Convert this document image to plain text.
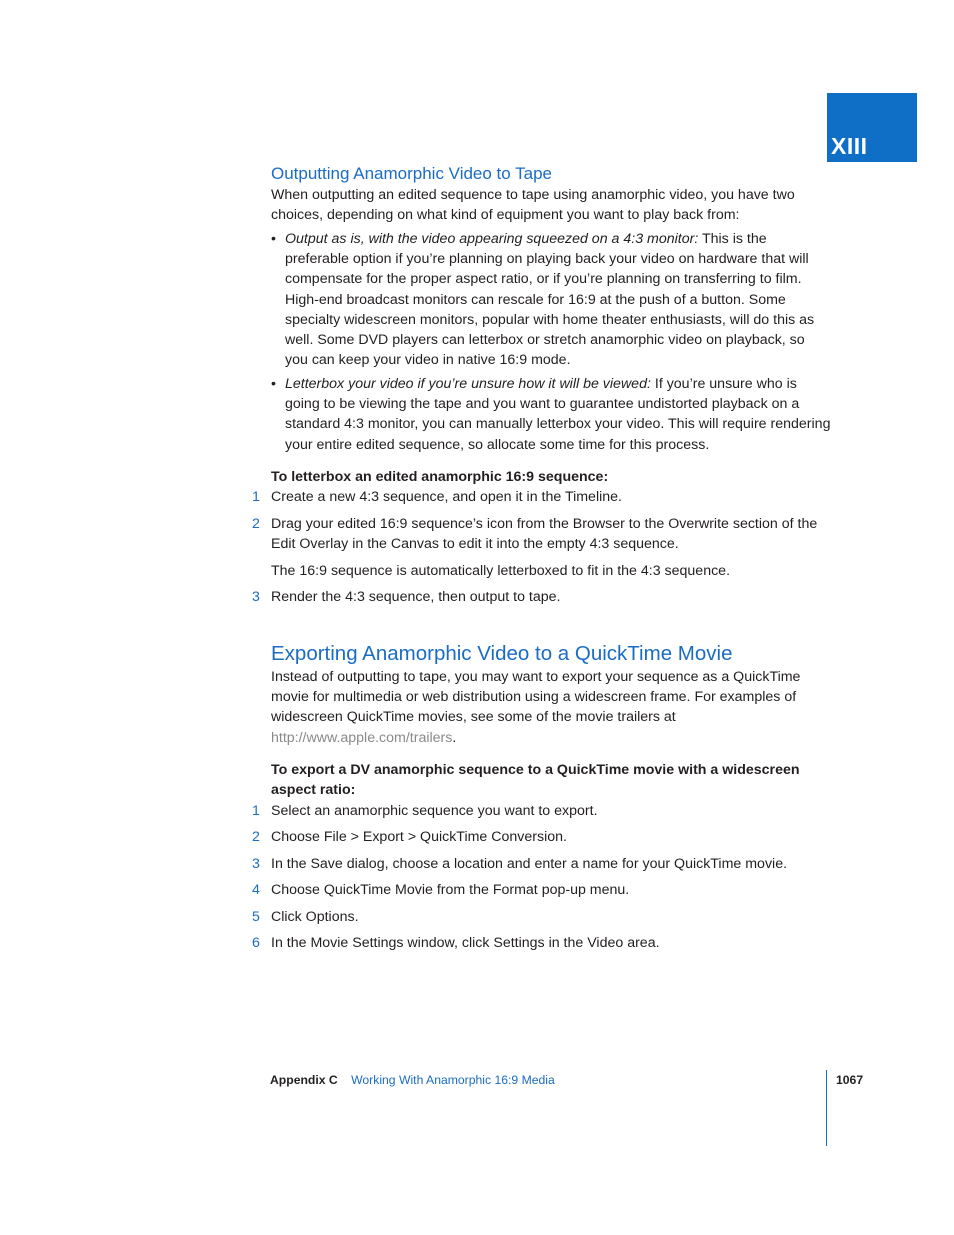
XIII
Outputting Anamorphic Video to Tape
When outputting an edited sequence to tape using anamorphic video, you have two choices, depending on what kind of equipment you want to play back from:
• Output as is, with the video appearing squeezed on a 4:3 monitor: This is the preferable option if you’re planning on playing back your video on hardware that will compensate for the proper aspect ratio, or if you’re planning on transferring to film. High-end broadcast monitors can rescale for 16:9 at the push of a button. Some specialty widescreen monitors, popular with home theater enthusiasts, will do this as well. Some DVD players can letterbox or stretch anamorphic video on playback, so you can keep your video in native 16:9 mode.
• Letterbox your video if you’re unsure how it will be viewed: If you’re unsure who is going to be viewing the tape and you want to guarantee undistorted playback on a standard 4:3 monitor, you can manually letterbox your video. This will require rendering your entire edited sequence, so allocate some time for this process.
To letterbox an edited anamorphic 16:9 sequence:
1 Create a new 4:3 sequence, and open it in the Timeline.
2 Drag your edited 16:9 sequence’s icon from the Browser to the Overwrite section of the Edit Overlay in the Canvas to edit it into the empty 4:3 sequence.
The 16:9 sequence is automatically letterboxed to fit in the 4:3 sequence.
3 Render the 4:3 sequence, then output to tape.
Exporting Anamorphic Video to a QuickTime Movie
Instead of outputting to tape, you may want to export your sequence as a QuickTime movie for multimedia or web distribution using a widescreen frame. For examples of widescreen QuickTime movies, see some of the movie trailers at http://www.apple.com/trailers.
To export a DV anamorphic sequence to a QuickTime movie with a widescreen aspect ratio:
1 Select an anamorphic sequence you want to export.
2 Choose File > Export > QuickTime Conversion.
3 In the Save dialog, choose a location and enter a name for your QuickTime movie.
4 Choose QuickTime Movie from the Format pop-up menu.
5 Click Options.
6 In the Movie Settings window, click Settings in the Video area.
Appendix C Working With Anamorphic 16:9 Media	1067
